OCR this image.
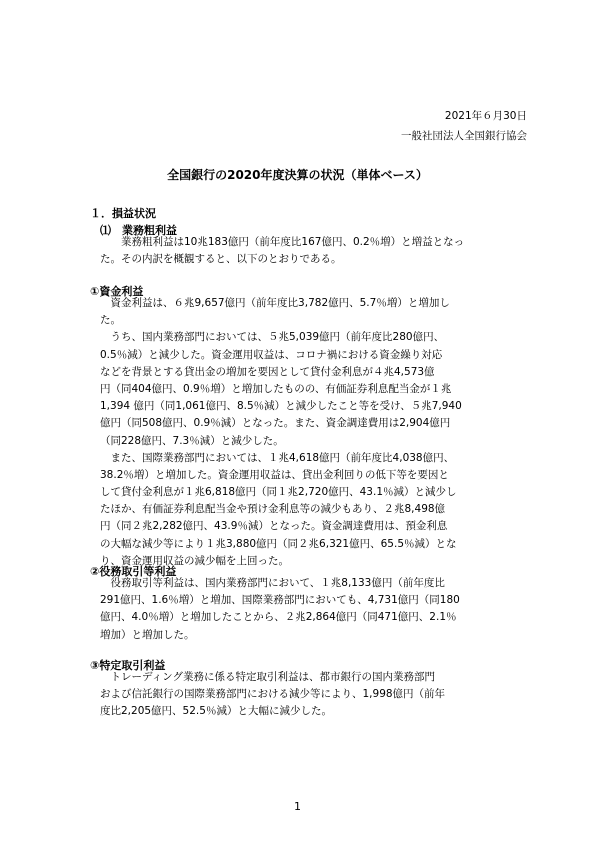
2021年６月30日
一般社団法人全国銀行協会
全国銀行の2020年度決算の状況（単体ベース）
１．損益状況
⑴　業務粗利益
　　業務粗利益は10兆183億円（前年度比167億円、0.2％増）と増益となっ
た。その内訳を概観すると、以下のとおりである。
①資金利益
　資金利益は、６兆9,657億円（前年度比3,782億円、5.7％増）と増加し
た。
　うち、国内業務部門においては、５兆5,039億円（前年度比280億円、
0.5％減）と減少した。資金運用収益は、コロナ禍における資金繰り対応
などを背景とする貸出金の増加を要因として貸付金利息が４兆4,573億
円（同404億円、0.9％増）と増加したものの、有価証券利息配当金が１兆
1,394 億円（同1,061億円、8.5％減）と減少したこと等を受け、５兆7,940
億円（同508億円、0.9％減）となった。また、資金調達費用は2,904億円
（同228億円、7.3％減）と減少した。
　また、国際業務部門においては、１兆4,618億円（前年度比4,038億円、
38.2％増）と増加した。資金運用収益は、貸出金利回りの低下等を要因と
して貸付金利息が１兆6,818億円（同１兆2,720億円、43.1％減）と減少し
たほか、有価証券利息配当金や預け金利息等の減少もあり、２兆8,498億
円（同２兆2,282億円、43.9％減）となった。資金調達費用は、預金利息
の大幅な減少等により１兆3,880億円（同２兆6,321億円、65.5％減）とな
り、資金運用収益の減少幅を上回った。
②役務取引等利益
　役務取引等利益は、国内業務部門において、１兆8,133億円（前年度比
291億円、1.6％増）と増加、国際業務部門においても、4,731億円（同180
億円、4.0％増）と増加したことから、２兆2,864億円（同471億円、2.1％
増加）と増加した。
③特定取引利益
　トレーディング業務に係る特定取引利益は、都市銀行の国内業務部門
および信託銀行の国際業務部門における減少等により、1,998億円（前年
度比2,205億円、52.5％減）と大幅に減少した。
1
